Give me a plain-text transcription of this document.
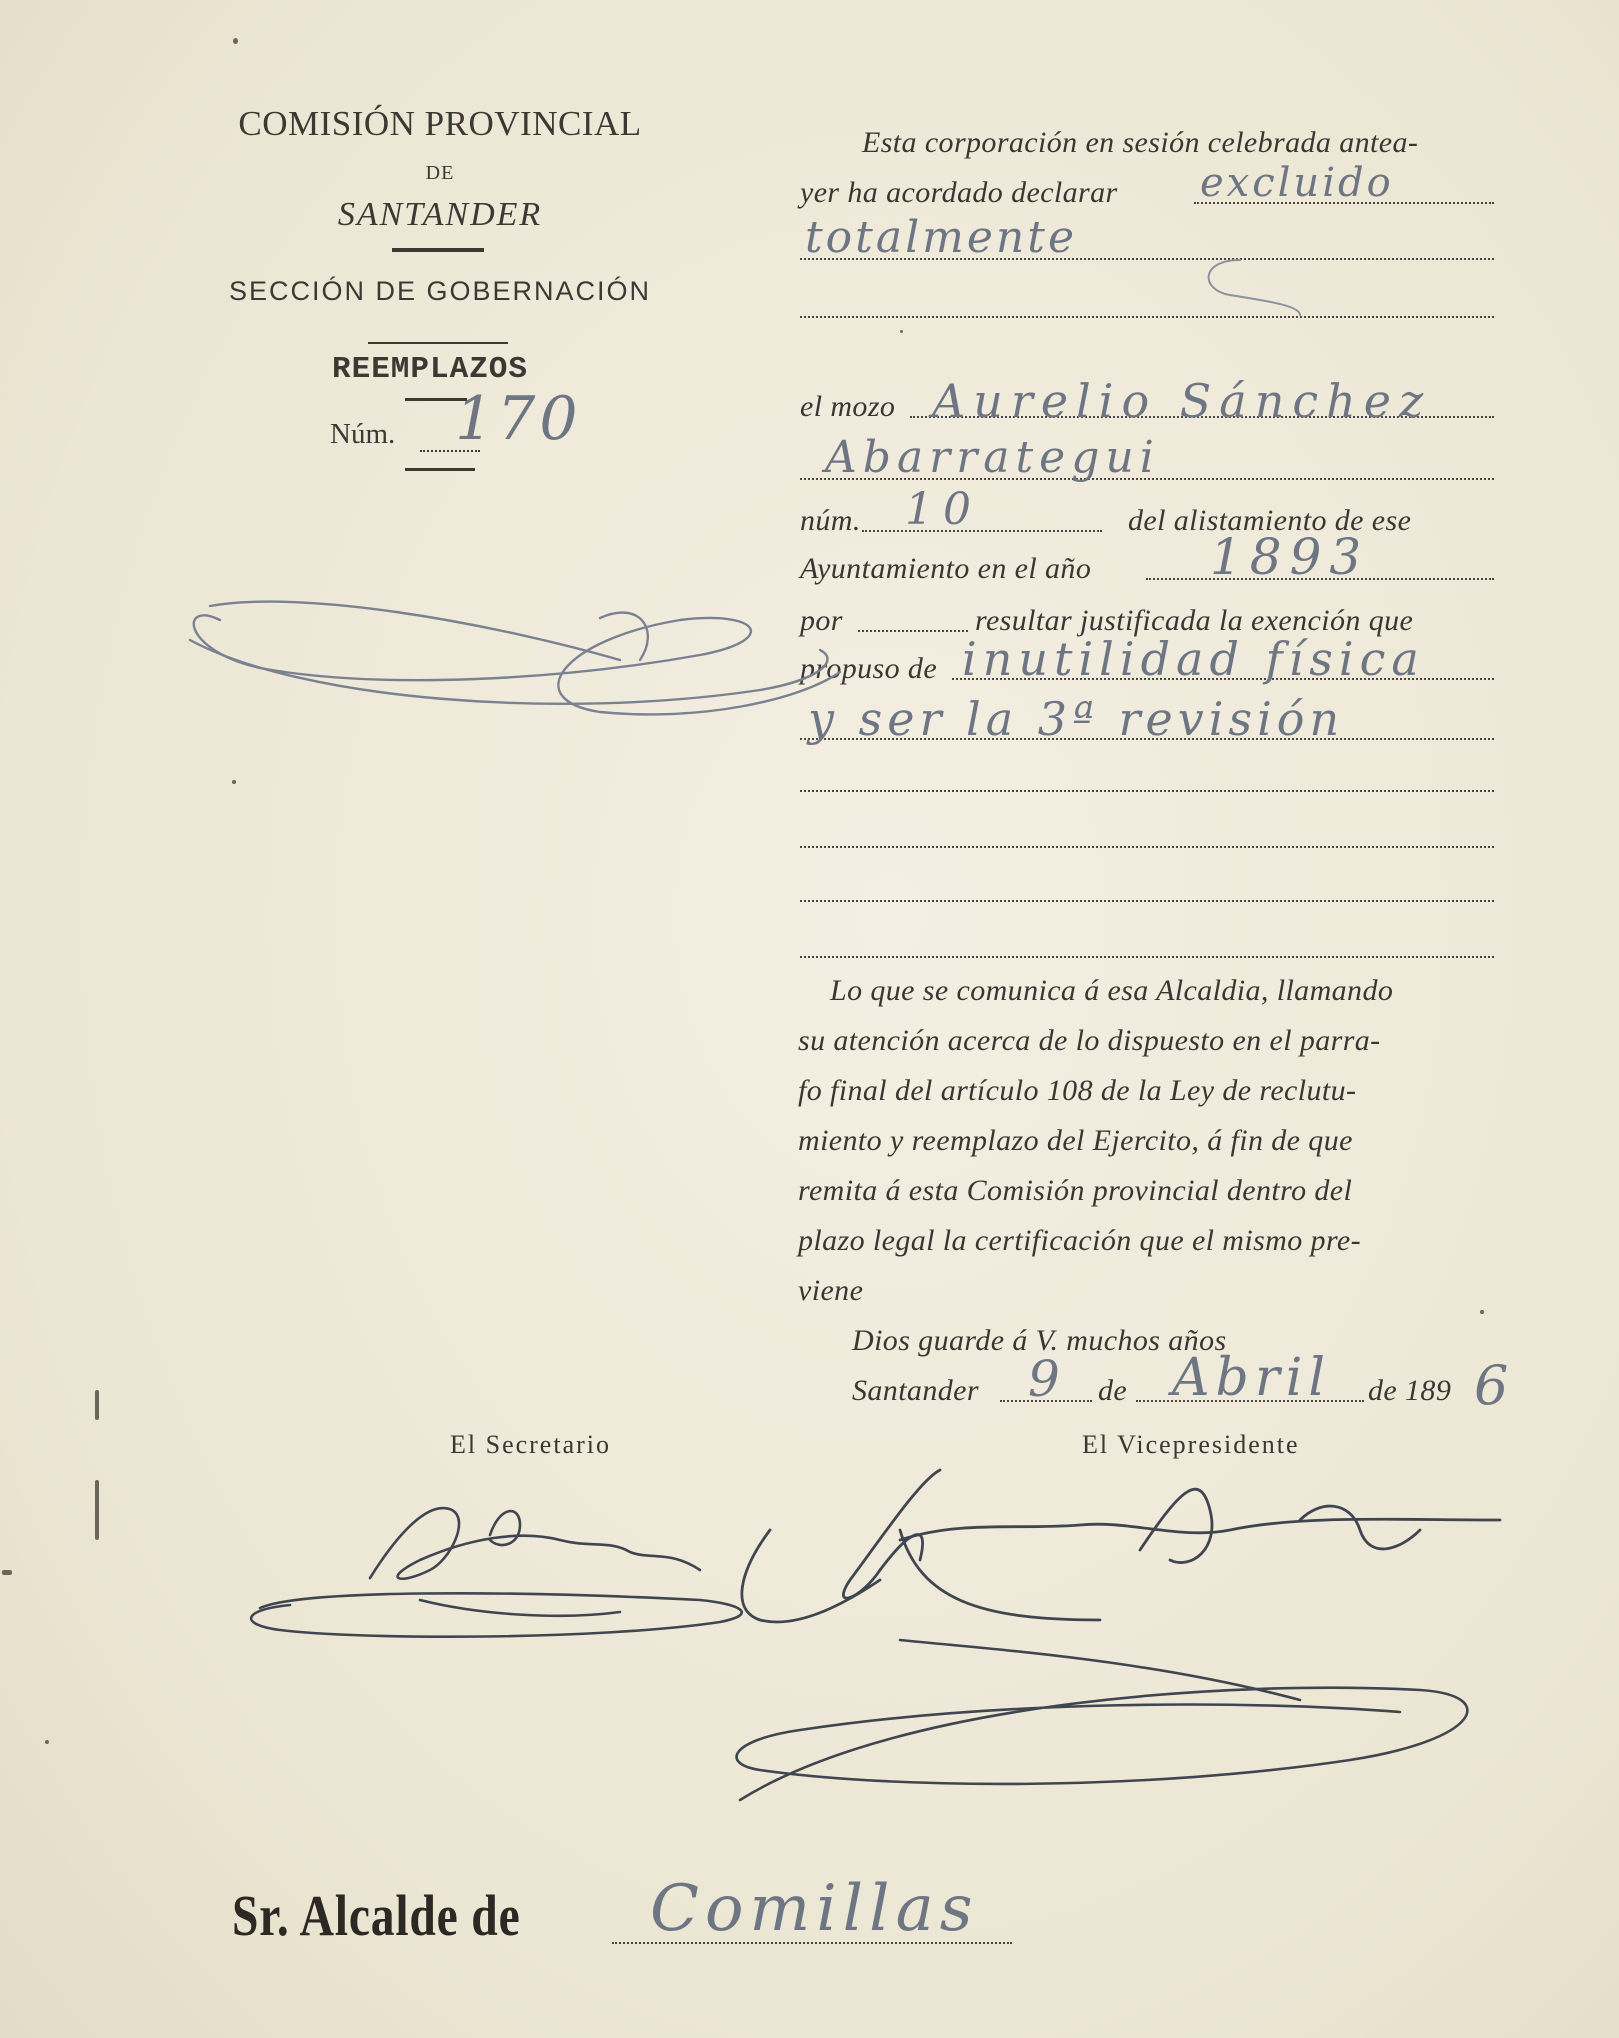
COMISIÓN PROVINCIAL
DE
SANTANDER
SECCIÓN DE GOBERNACIÓN
REEMPLAZOS
Núm. 170
Esta corporación en sesión celebrada antea-
yer ha acordado declarar excluido
totalmente
el mozo Aurelio Sánchez
Abarrategui
núm. 10	del alistamiento de ese
Ayuntamiento en el año 1893
por	resultar justificada la exención que
propuso de inutilidad física
y ser la 3ª revisión
Lo que se comunica á esa Alcaldia, llamando
su atención acerca de lo dispuesto en el parra-
fo final del artículo 108 de la Ley de reclutu-
miento y reemplazo del Ejercito, á fin de que
remita á esta Comisión provincial dentro del
plazo legal la certificación que el mismo pre-
viene
Dios guarde á V. muchos años
Santander 9 de Abril de 189 6
El Secretario	El Vicepresidente
Sr. Alcalde de Comillas
